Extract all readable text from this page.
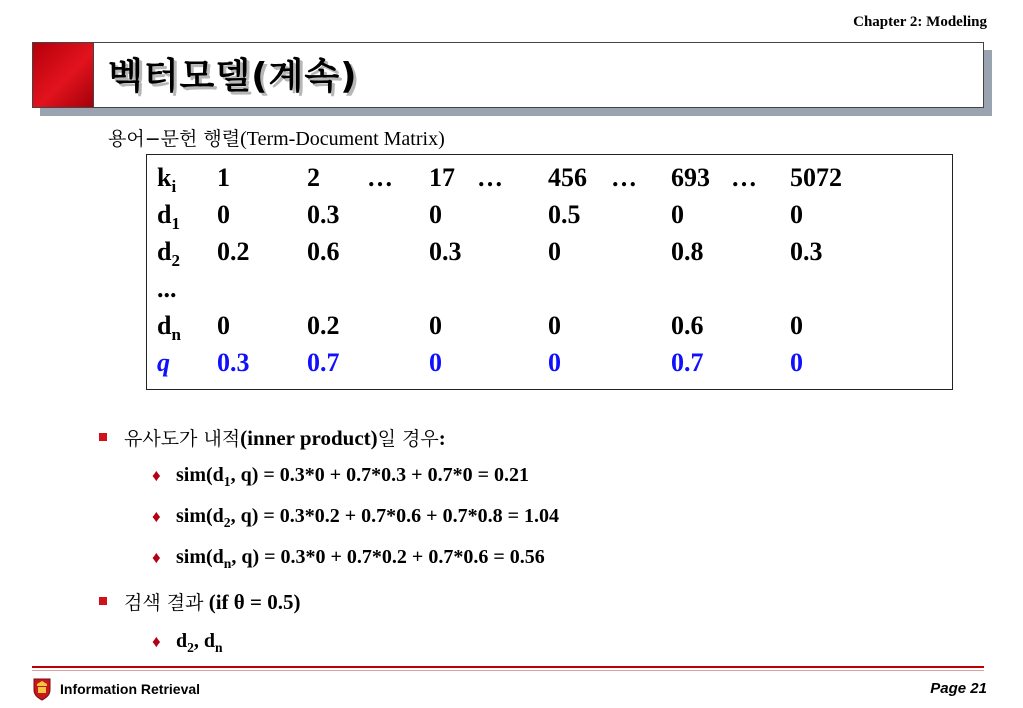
Chapter 2: Modeling
벡터모델(계속)
용어−문헌 행렬(Term-Document Matrix)
$k_i$ 1	2 … 17 … 456 … 693 … 5072
$d_1$ 0	0.3	0	0.5	0	0
$d_2$ 0.2 0.6	0.3	0	0.8	0.3
...
$d_n$ 0	0.2	0	0	0.6	0
q 0.3 0.7	0	0	0.7	0
유사도가 내적(inner product)일 경우:
♦ $sim(d_1$, q) = 0.3*0 + 0.7*0.3 + 0.7*0 = 0.21
♦ $sim(d_2$, q) = 0.3*0.2 + 0.7*0.6 + 0.7*0.8 = 1.04
♦ $sim(d_n$, q) = 0.3*0 + 0.7*0.2 + 0.7*0.6 = 0.56
검색 결과 (if θ = 0.5)
♦ $d_2$, $d_n$
Information Retrieval	Page 21
